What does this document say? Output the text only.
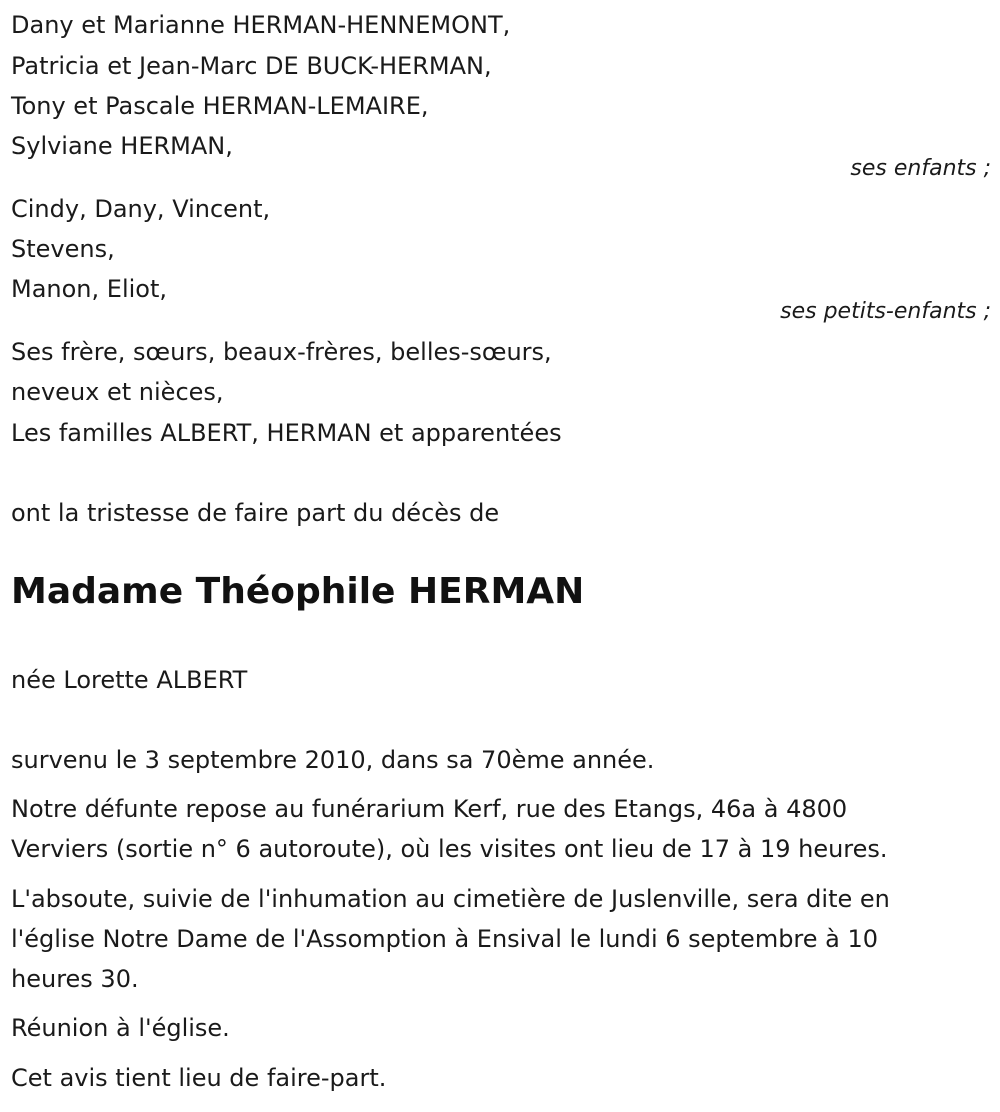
Dany et Marianne HERMAN-HENNEMONT,
Patricia et Jean-Marc DE BUCK-HERMAN,
Tony et Pascale HERMAN-LEMAIRE,
Sylviane HERMAN,
ses enfants ;
Cindy, Dany, Vincent,
Stevens,
Manon, Eliot,
ses petits-enfants ;
Ses frère, sœurs, beaux-frères, belles-sœurs,
neveux et nièces,
Les familles ALBERT, HERMAN et apparentées
ont la tristesse de faire part du décès de
Madame Théophile HERMAN
née Lorette ALBERT
survenu le 3 septembre 2010, dans sa 70ème année.
Notre défunte repose au funérarium Kerf, rue des Etangs, 46a à 4800
Verviers (sortie n° 6 autoroute), où les visites ont lieu de 17 à 19 heures.
L'absoute, suivie de l'inhumation au cimetière de Juslenville, sera dite en
l'église Notre Dame de l'Assomption à Ensival le lundi 6 septembre à 10
heures 30.
Réunion à l'église.
Cet avis tient lieu de faire-part.
